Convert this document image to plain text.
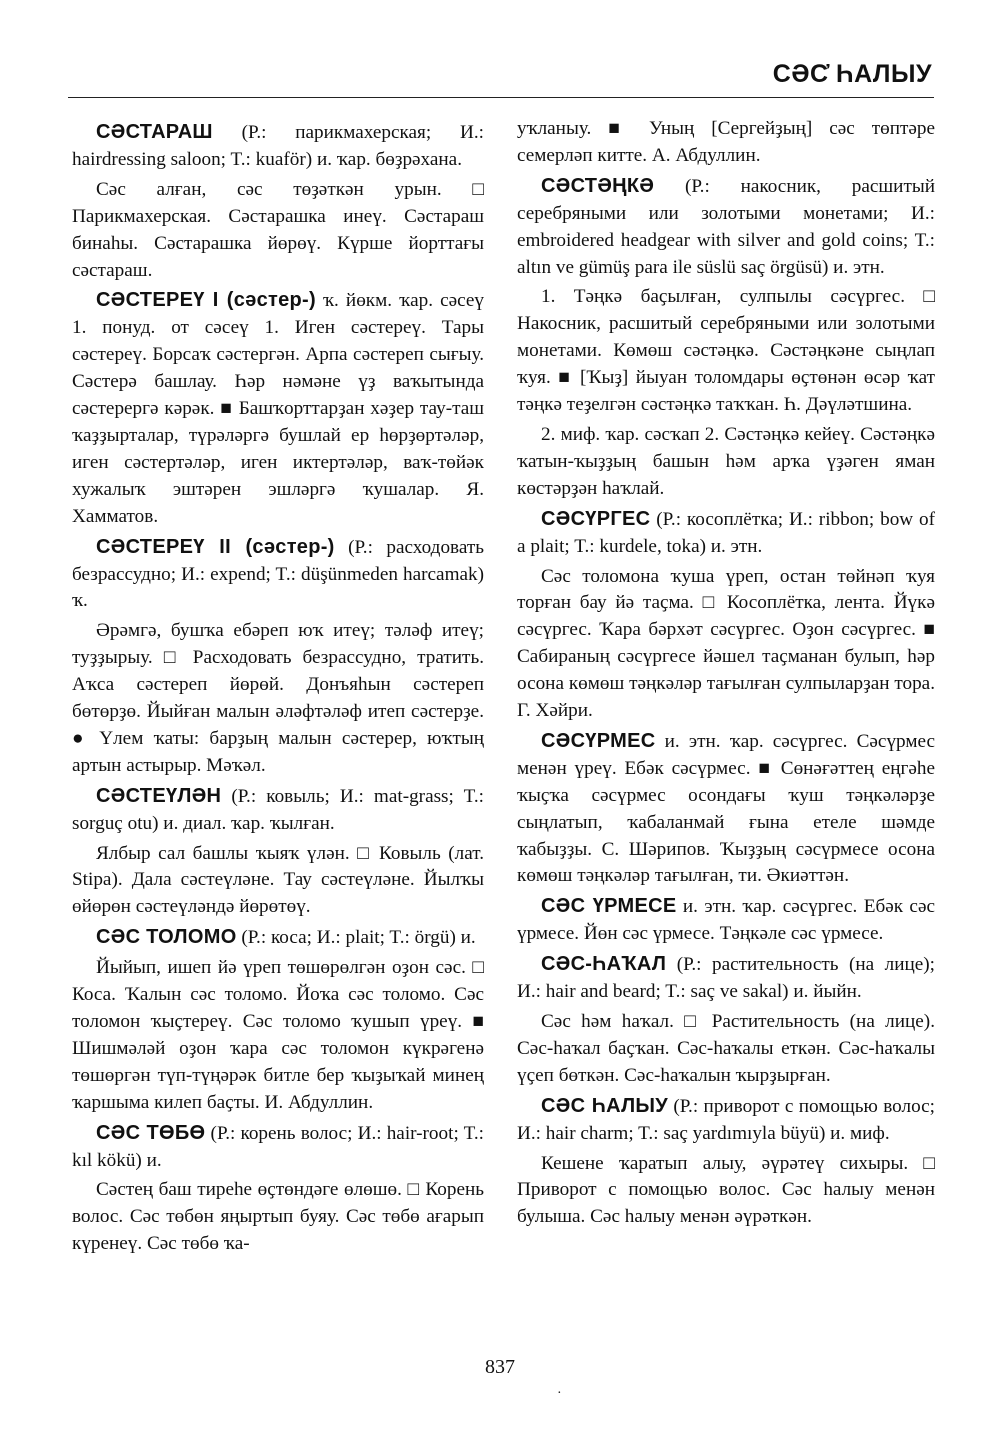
СӘС҆ ҺАЛЫУ

СӘСТАРАШ (Р.: парикмахерская; И.: hairdressing saloon; T.: kuaför) и. ҡар. бөҙрәхана.

Сәс алған, сәс төҙәткән урын. □ Парикмахерская. Сәстарашка инеү. Сәстараш бинаһы. Сәстарашка йөрөү. Күрше йорттағы сәстараш.

СӘСТЕРЕҮ I (сәстер-) ҡ. йөкм. ҡар. сәсеү 1. понуд. от сәсеү 1. Иген сәстереү. Тары сәстереү. Борсаҡ сәстергән. Арпа сәстереп сығыу. Сәстерә башлау. Һәр нәмәне үҙ ваҡытында сәстерергә кәрәк. ■ Башҡорттарҙан хәҙер тау-таш ҡаҙҙырталар, түрәләргә бушлай ер һөрҙөртәләр, иген сәстертәләр, иген иктертәләр, ваҡ-төйәк хужалыҡ эштәрен эшләргә ҡушалар. Я. Хамматов.

СӘСТЕРЕҮ II (сәстер-) (Р.: расходовать безрассудно; И.: expend; T.: düşünmeden harcamak) ҡ.

Әрәмгә, бушҡа ебәреп юҡ итеү; тәләф итеү; туҙҙырыу. □ Расходовать безрассудно, тратить. Аҡса сәстереп йөрөй. Донъяһын сәстереп бөтөрҙө. Йыйған малын әләфтәләф итеп сәстерҙе. ● Үлем ҡаты: барҙың малын сәстерер, юҡтың артын астырыр. Мәҡәл.

СӘСТЕҮЛӘН (Р.: ковыль; И.: mat-grass; T.: sorguç otu) и. диал. ҡар. ҡылған.

Ялбыр сал башлы ҡыяҡ үлән. □ Ковыль (лат. Stipa). Дала сәстеүләне. Тау сәстеүләне. Йылҡы өйөрөн сәстеүләндә йөрөтөү.

СӘС ТОЛОМО (Р.: коса; И.: plait; T.: örgü) и.

Йыйып, ишеп йә үреп төшөрөлгән оҙон сәс. □ Коса. Ҡалын сәс толомо. Йоҡа сәс толомо. Сәс толомон ҡыҫтереү. Сәс толомо ҡушып үреү. ■ Шишмәләй оҙон ҡара сәс толомон күкрәгенә төшөргән түп-түңәрәк битле бер ҡыҙыҡай минең ҡаршыма килеп баҫты. И. Абдуллин.

СӘС ТӨБӨ (Р.: корень волос; И.: hair-root; T.: kıl kökü) и.

Сәстең баш тиреһе өҫтөндәге өлөшө. □ Корень волос. Сәс төбөн яңыртып буяу. Сәс төбө ағарып күренеү. Сәс төбө ҡа-

уҡланыу. ■ Уның [Сергейҙың] сәс төптәре семерләп китте. А. Абдуллин.

СӘСТӘҢКӘ (Р.: накосник, расшитый серебряными или золотыми монетами; И.: embroidered headgear with silver and gold coins; T.: altın ve gümüş para ile süslü saç örgüsü) и. этн.

1. Тәңкә баҫылған, сулпылы сәсүргес. □ Накосник, расшитый серебряными или золотыми монетами. Көмөш сәстәңкә. Сәстәңкәне сыңлап ҡуя. ■ [Ҡыҙ] йыуан толомдары өҫтөнән өсәр ҡат тәңкә теҙелгән сәстәңкә таҡҡан. Һ. Дәүләтшина.

2. миф. ҡар. сәсҡап 2. Сәстәңкә кейеү. Сәстәңкә ҡатын-ҡыҙҙың башын һәм арҡа үҙәген яман көстәрҙән һаҡлай.

СӘСҮРГЕС (Р.: косоплётка; И.: ribbon; bow of a plait; T.: kurdele, toka) и. этн.

Сәс толомона ҡуша үреп, остан төйнәп ҡуя торған бау йә таҫма. □ Косоплётка, лента. Йүкә сәсүргес. Ҡара бәрхәт сәсүргес. Оҙон сәсүргес. ■ Сабираның сәсүргесе йәшел таҫманан булып, һәр осона көмөш тәңкәләр тағылған сулпыларҙан тора. Г. Хәйри.

СӘСҮРМЕС и. этн. ҡар. сәсүргес. Сәсүрмес менән үреү. Ебәк сәсүрмес. ■ Сөнәғәттең еңгәһе ҡыҫҡа сәсүрмес осондағы ҡуш тәңкәләрҙе сыңлатып, ҡабаланмай ғына етеле шәмде ҡабыҙҙы. С. Шәрипов. Ҡыҙҙың сәсүрмесе осона көмөш тәңкәләр тағылған, ти. Әкиәттән.

СӘС ҮРМЕСЕ и. этн. ҡар. сәсүргес. Ебәк сәс үрмесе. Йөн сәс үрмесе. Тәңкәле сәс үрмесе.

СӘС-ҺАҠАЛ (Р.: растительность (на лице); И.: hair and beard; T.: saç ve sakal) и. йыйн.

Сәс һәм һаҡал. □ Растительность (на лице). Сәс-һаҡал баҫҡан. Сәс-һаҡалы еткән. Сәс-һаҡалы үҫеп бөткән. Сәс-һаҡалын ҡырҙырған.

СӘС ҺАЛЫУ (Р.: приворот с помощью волос; И.: hair charm; T.: saç yardımıyla büyü) и. миф.

Кешене ҡаратып алыу, әүрәтеү сихыры. □ Приворот с помощью волос. Сәс һалыу менән булыша. Сәс һалыу менән әүрәткән.

837
·
